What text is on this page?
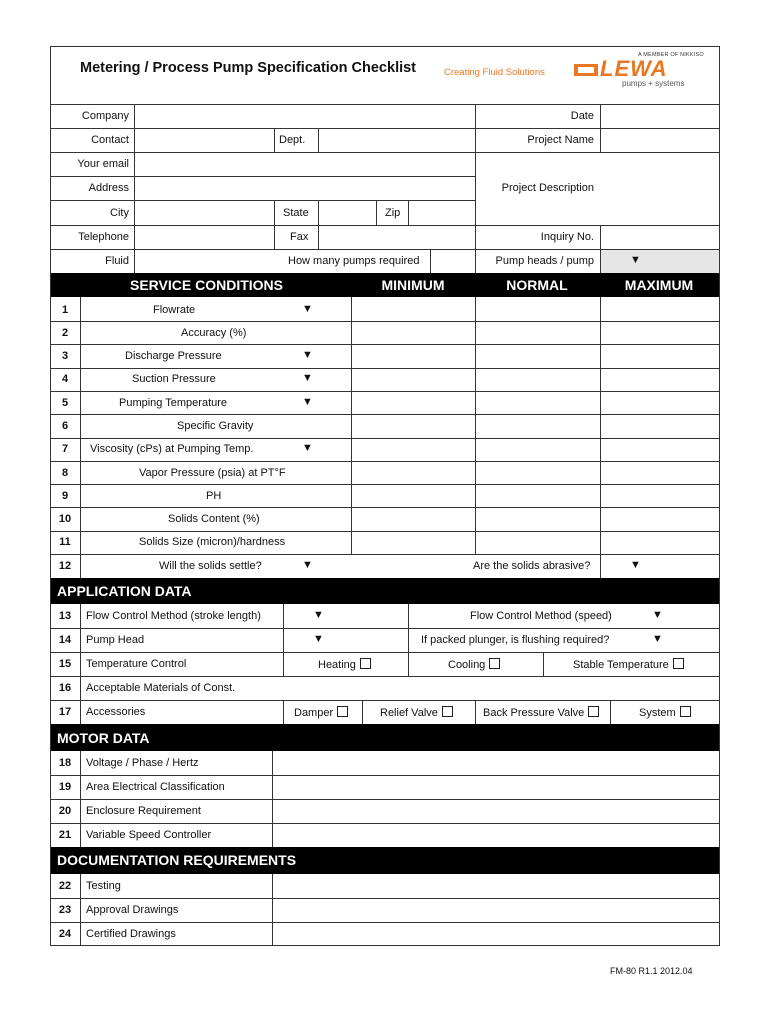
Metering / Process Pump Specification Checklist	Creating Fluid Solutions
A MEMBER OF NIKKISO
LEWA
pumps + systems
Company	Date
Contact	Dept.	Project Name
Your email
Address	Project Description
City	State	Zip
Telephone	Fax	Inquiry No.
Fluid	How many pumps required	Pump heads / pump	▼
SERVICE CONDITIONS	MINIMUM	NORMAL	MAXIMUM
1	Flowrate	▼
2	Accuracy (%)
3	Discharge Pressure	▼
4	Suction Pressure	▼
5	Pumping Temperature	▼
6	Specific Gravity
7	Viscosity (cPs) at Pumping Temp.	▼
8	Vapor Pressure (psia) at PT°F
9	PH
10	Solids Content (%)
11	Solids Size (micron)/hardness
12	Will the solids settle?	▼	Are the solids abrasive?	▼
APPLICATION DATA
13	Flow Control Method (stroke length)	▼	Flow Control Method (speed)	▼
14	Pump Head	▼	If packed plunger, is flushing required?	▼
15	Temperature Control	Heating	Cooling	Stable Temperature
16	Acceptable Materials of Const.
17	Accessories	Damper	Relief Valve	Back Pressure Valve	System
MOTOR DATA
18	Voltage / Phase / Hertz
19	Area Electrical Classification
20	Enclosure Requirement
21	Variable Speed Controller
DOCUMENTATION REQUIREMENTS
22	Testing
23	Approval Drawings
24	Certified Drawings
FM-80 R1.1 2012.04
